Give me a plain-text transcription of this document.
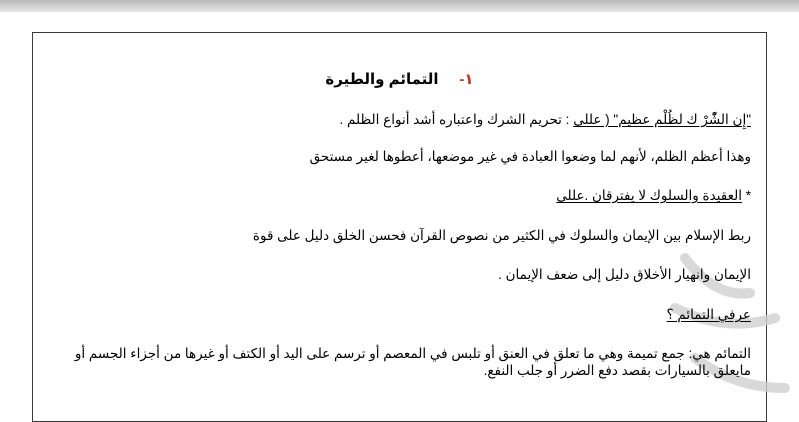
١-     التمائم والطيرة
"إِن الشّْرْ ك لظُلْم عظيم" ( عللى : تحريم الشرك واعتباره أشد أنواع الظلم .
وهذا أعظم الظلم، لأنهم لما وضعوا العبادة في غير موضعها، أعطوها لغير مستحق
* العقيدة والسلوك لا يفترقان .عللى
ربط الإسلام بين الإيمان والسلوك في الكثير من نصوص القرآن فحسن الخلق دليل على قوة
الإيمان وانهيار الأخلاق دليل إلى ضعف الإيمان .
عرفي التمائم ؟
التمائم هي: جمع تميمة وهي ما تعلق في العنق أو تلبس في المعصم أو ترسم على اليد أو الكتف أو غيرها من أجزاء الجسم أو مايعلق بالسيارات بقصد دفع الضرر أو جلب النفع.
